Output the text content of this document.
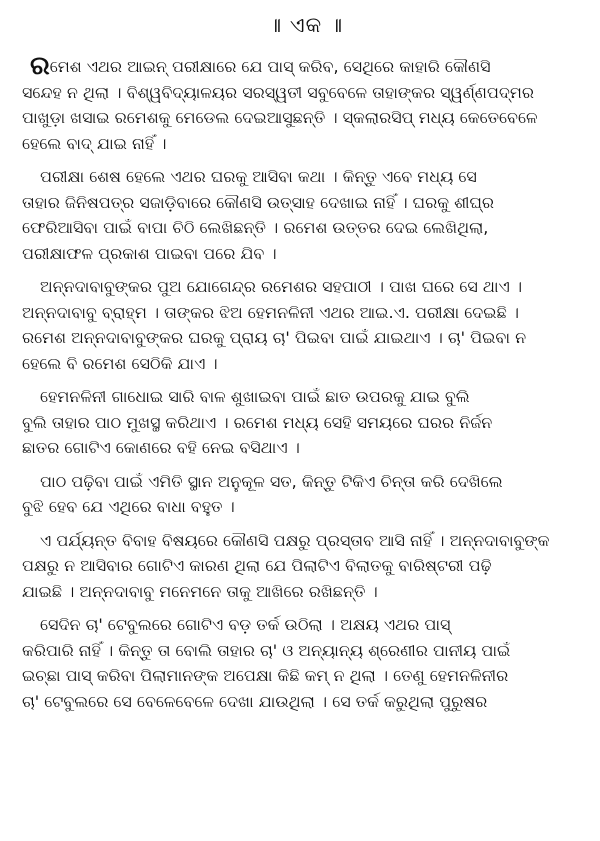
॥ ଏକ ॥
ରମେଶ ଏଥର ଆଇନ୍ ପରୀକ୍ଷାରେ ଯେ ପାସ୍ କରିବ, ସେଥିରେ କାହାରି କୌଣସି
ସନ୍ଦେହ ନ ଥିଲା । ବିଶ୍ୱବିଦ୍ୟାଳୟର ସରସ୍ୱତୀ ସବୁବେଳେ ତାହାଙ୍କର ସ୍ୱର୍ଣ୍ଣପଦ୍ମର
ପାଖୁଡ଼ା ଖସାଇ ରମେଶକୁ ମେଡେଲ ଦେଇଆସୁଛନ୍ତି । ସ୍କଲାରସିପ୍ ମଧ୍ୟ କେତେବେଳେ
ହେଲେ ବାଦ୍ ଯାଇ ନାହିଁ ।
ପରୀକ୍ଷା ଶେଷ ହେଲେ ଏଥର ଘରକୁ ଆସିବା କଥା । କିନ୍ତୁ ଏବେ ମଧ୍ୟ ସେ
ତାହାର ଜିନିଷପତ୍ର ସଜାଡ଼ିବାରେ କୌଣସି ଉତ୍ସାହ ଦେଖାଇ ନାହିଁ । ଘରକୁ ଶୀଘ୍ର
ଫେରିଆସିବା ପାଇଁ ବାପା ଚିଠି ଲେଖିଛନ୍ତି । ରମେଶ ଉତ୍ତର ଦେଇ ଲେଖିଥିଲା,
ପରୀକ୍ଷାଫଳ ପ୍ରକାଶ ପାଇବା ପରେ ଯିବ ।
ଅନ୍ନଦାବାବୁଙ୍କର ପୁଅ ଯୋଗେନ୍ଦ୍ର ରମେଶର ସହପାଠୀ । ପାଖ ଘରେ ସେ ଥାଏ ।
ଅନ୍ନଦାବାବୁ ବ୍ରାହ୍ମ । ତାଙ୍କର ଝିଅ ହେମନଳିନୀ ଏଥର ଆଇ.ଏ. ପରୀକ୍ଷା ଦେଇଛି ।
ରମେଶ ଅନ୍ନଦାବାବୁଙ୍କର ଘରକୁ ପ୍ରାୟ ଚା' ପିଇବା ପାଇଁ ଯାଇଥାଏ । ଚା' ପିଇବା ନ
ହେଲେ ବି ରମେଶ ସେଠିକି ଯାଏ ।
ହେମନଳିନୀ ଗାଧୋଇ ସାରି ବାଳ ଶୁଖାଇବା ପାଇଁ ଛାତ ଉପରକୁ ଯାଇ ବୁଲି
ବୁଲି ତାହାର ପାଠ ମୁଖସ୍ଥ କରିଥାଏ । ରମେଶ ମଧ୍ୟ ସେହି ସମୟରେ ଘରର ନିର୍ଜନ
ଛାତର ଗୋଟିଏ କୋଣରେ ବହି ନେଇ ବସିଥାଏ ।
ପାଠ ପଢ଼ିବା ପାଇଁ ଏମିତି ସ୍ଥାନ ଅନୁକୂଳ ସତ, କିନ୍ତୁ ଟିକିଏ ଚିନ୍ତା କରି ଦେଖିଲେ
ବୁଝି ହେବ ଯେ ଏଥିରେ ବାଧା ବହୁତ ।
ଏ ପର୍ଯ୍ୟନ୍ତ ବିବାହ ବିଷୟରେ କୌଣସି ପକ୍ଷରୁ ପ୍ରସ୍ତାବ ଆସି ନାହିଁ । ଅନ୍ନଦାବାବୁଙ୍କ
ପକ୍ଷରୁ ନ ଆସିବାର ଗୋଟିଏ କାରଣ ଥିଲା ଯେ ପିଲାଟିଏ ବିଲାତକୁ ବାରିଷ୍ଟରୀ ପଢ଼ି
ଯାଇଛି । ଅନ୍ନଦାବାବୁ ମନେମନେ ତାକୁ ଆଖିରେ ରଖିଛନ୍ତି ।
ସେଦିନ ଚା' ଟେବୁଲରେ ଗୋଟିଏ ବଡ଼ ତର୍କ ଉଠିଲା । ଅକ୍ଷୟ ଏଥର ପାସ୍
କରିପାରି ନାହିଁ । କିନ୍ତୁ ତା ବୋଲି ତାହାର ଚା' ଓ ଅନ୍ୟାନ୍ୟ ଶ୍ରେଣୀର ପାନୀୟ ପାଇଁ
ଇଚ୍ଛା ପାସ୍ କରିବା ପିଲାମାନଙ୍କ ଅପେକ୍ଷା କିଛି କମ୍ ନ ଥିଲା । ତେଣୁ ହେମନଳିନୀର
ଚା' ଟେବୁଲରେ ସେ ବେଳେବେଳେ ଦେଖା ଯାଉଥିଲା । ସେ ତର୍କ କରୁଥିଲା ପୁରୁଷର
